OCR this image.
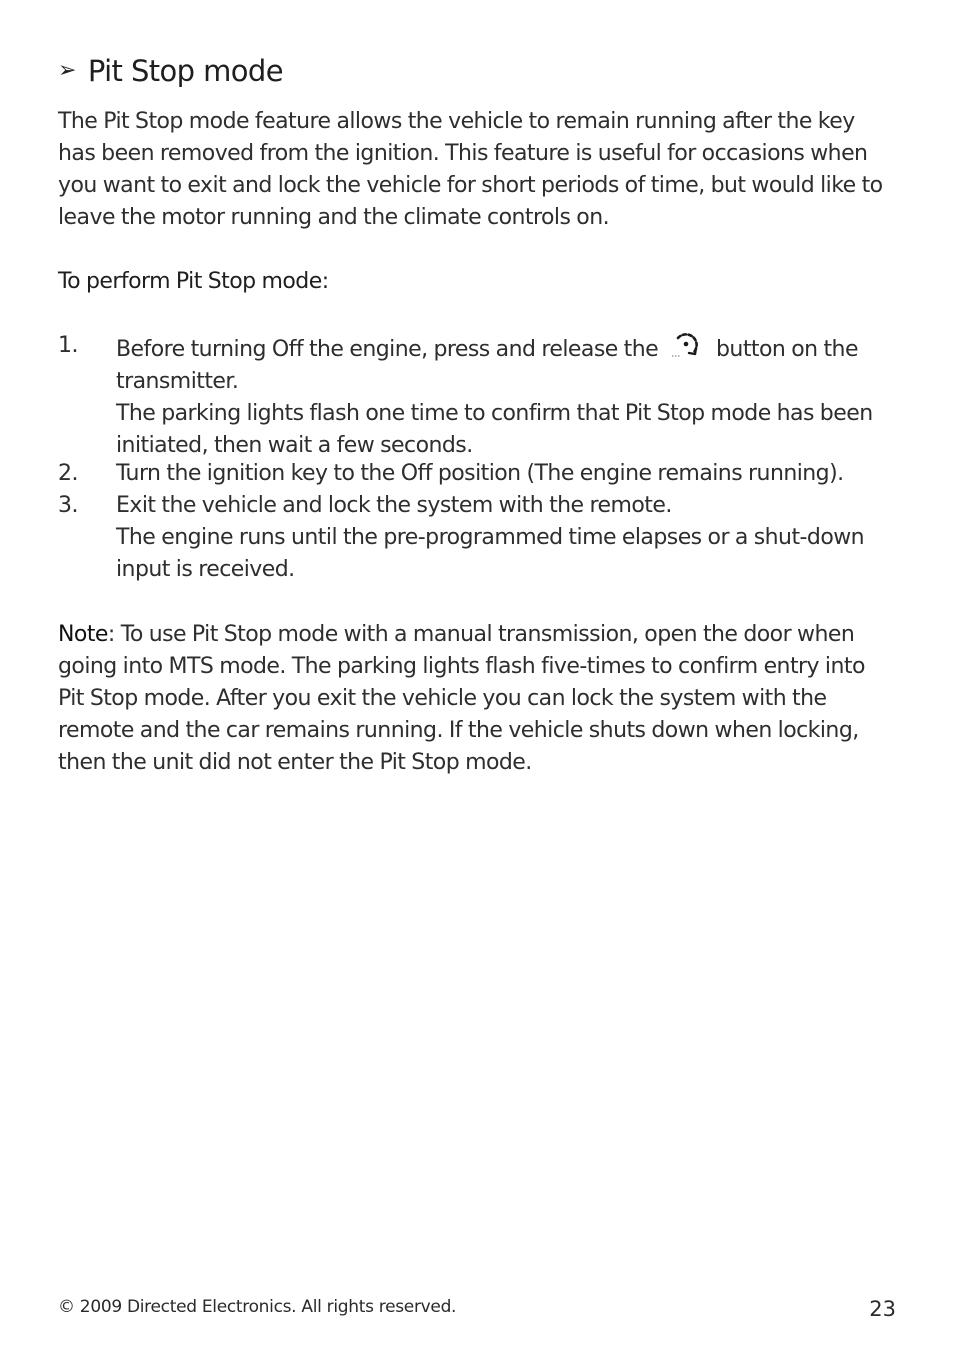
➢ Pit Stop mode

The Pit Stop mode feature allows the vehicle to remain running after the key has been removed from the ignition. This feature is useful for occasions when you want to exit and lock the vehicle for short periods of time, but would like to leave the motor running and the climate controls on.

To perform Pit Stop mode:

1.	Before turning Off the engine, press and release the	button on the transmitter.
The parking lights flash one time to confirm that Pit Stop mode has been initiated, then wait a few seconds.
2.	Turn the ignition key to the Off position (The engine remains running).
3.	Exit the vehicle and lock the system with the remote.
The engine runs until the pre-programmed time elapses or a shut-down input is received.

Note: To use Pit Stop mode with a manual transmission, open the door when going into MTS mode. The parking lights flash five-times to confirm entry into Pit Stop mode. After you exit the vehicle you can lock the system with the remote and the car remains running. If the vehicle shuts down when locking, then the unit did not enter the Pit Stop mode.

© 2009 Directed Electronics. All rights reserved.	23
